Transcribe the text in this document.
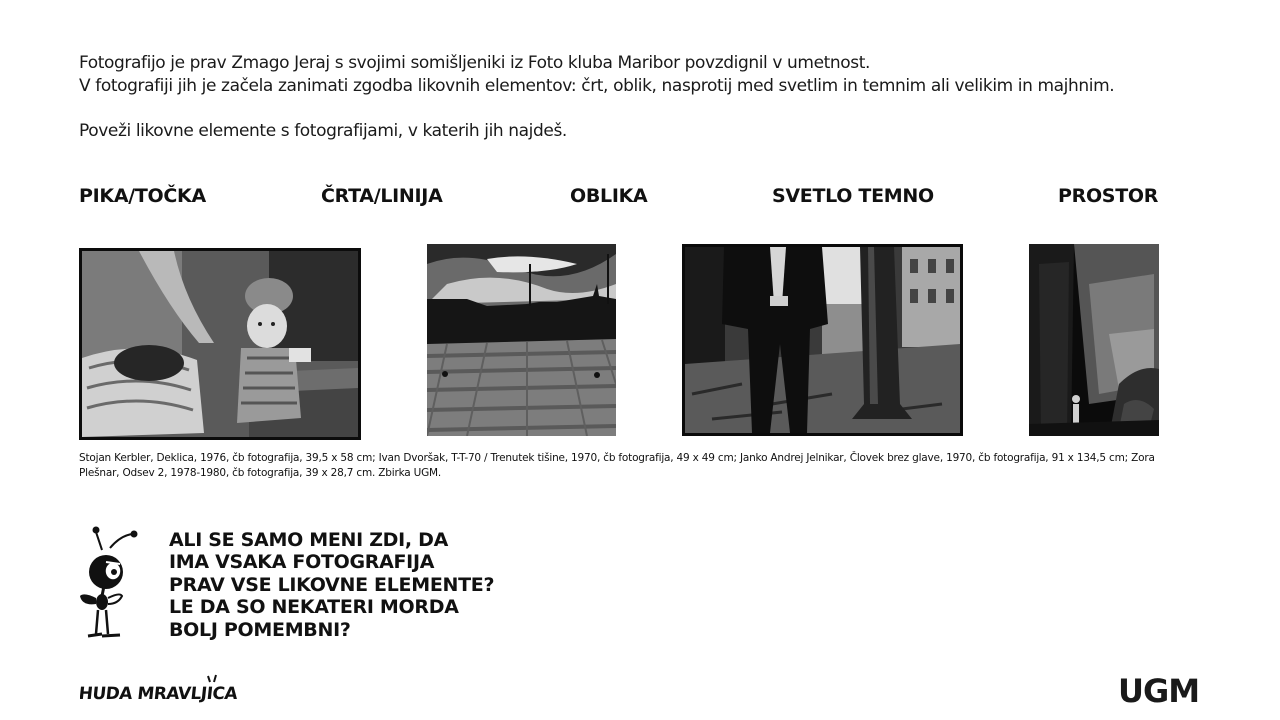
Fotografijo je prav Zmago Jeraj s svojimi somišljeniki iz Foto kluba Maribor povzdignil v umetnost.

V fotografiji jih je začela zanimati zgodba likovnih elementov: črt, oblik, nasprotij med svetlim in temnim ali velikim in majhnim.

Poveži likovne elemente s fotografijami, v katerih jih najdeš.

PIKA/TOČKA	ČRTA/LINIJA	OBLIKA	SVETLO TEMNO	PROSTOR
Stojan Kerbler, Deklica, 1976, čb fotografija, 39,5 x 58 cm; Ivan Dvoršak, T-T-70 / Trenutek tišine, 1970, čb fotografija, 49 x 49 cm; Janko Andrej Jelnikar, Človek brez glave, 1970, čb fotografija, 91 x 134,5 cm; Zora Plešnar, Odsev 2, 1978-1980, čb fotografija, 39 x 28,7 cm. Zbirka UGM.
ALI SE SAMO MENI ZDI, DA
IMA VSAKA FOTOGRAFIJA
PRAV VSE LIKOVNE ELEMENTE?
LE DA SO NEKATERI MORDA
BOLJ POMEMBNI?
HUDA MRAVLJICA	UGM
